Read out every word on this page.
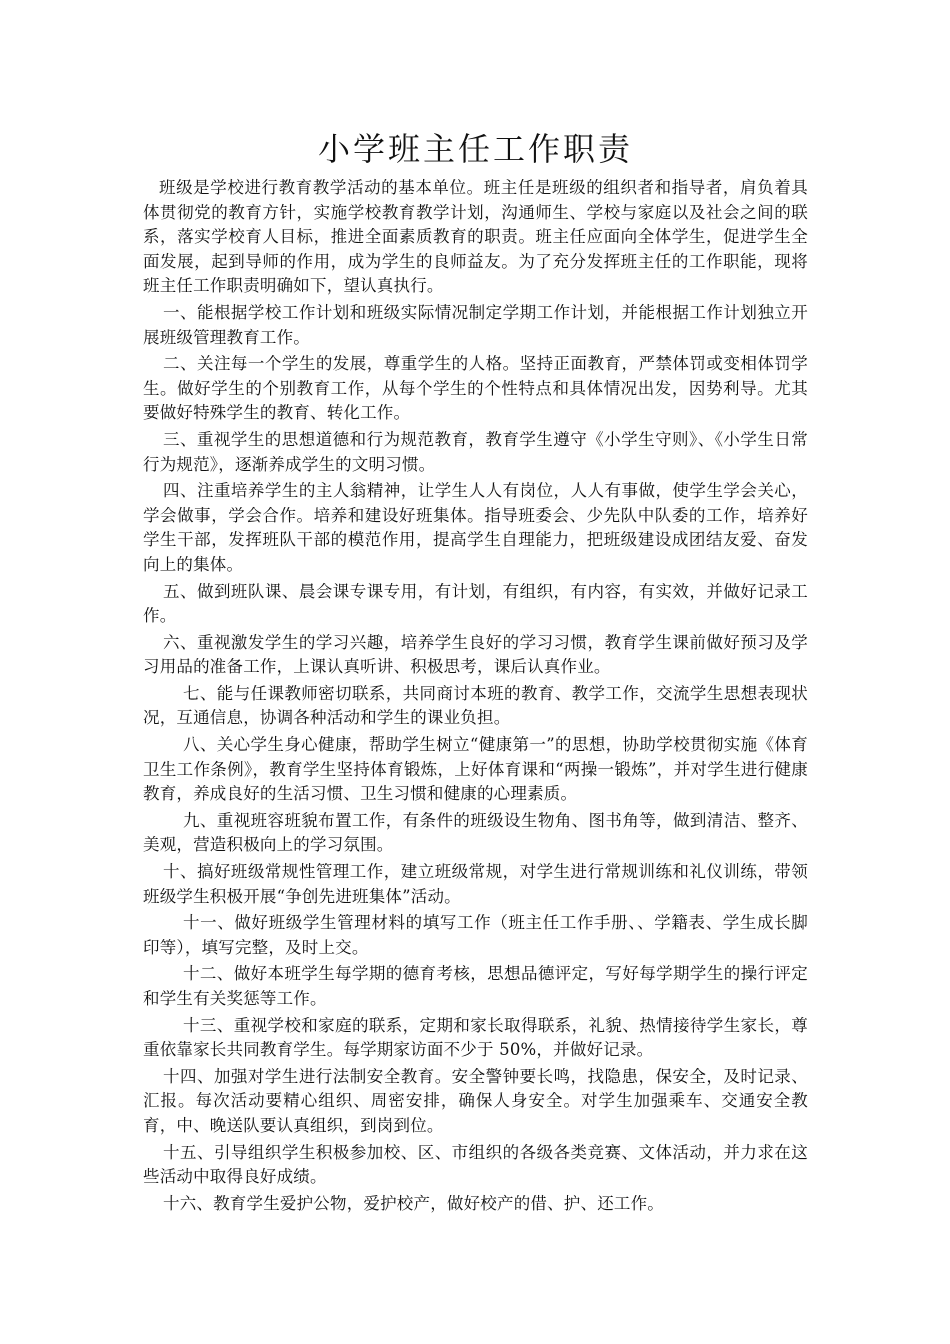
小学班主任工作职责

班级是学校进行教育教学活动的基本单位。班主任是班级的组织者和指导者，肩负着具体贯彻党的教育方针，实施学校教育教学计划，沟通师生、学校与家庭以及社会之间的联系，落实学校育人目标，推进全面素质教育的职责。班主任应面向全体学生，促进学生全面发展，起到导师的作用，成为学生的良师益友。为了充分发挥班主任的工作职能，现将班主任工作职责明确如下，望认真执行。

一、能根据学校工作计划和班级实际情况制定学期工作计划，并能根据工作计划独立开展班级管理教育工作。

二、关注每一个学生的发展，尊重学生的人格。坚持正面教育，严禁体罚或变相体罚学生。做好学生的个别教育工作，从每个学生的个性特点和具体情况出发，因势利导。尤其要做好特殊学生的教育、转化工作。

三、重视学生的思想道德和行为规范教育，教育学生遵守《小学生守则》、《小学生日常行为规范》，逐渐养成学生的文明习惯。

四、注重培养学生的主人翁精神，让学生人人有岗位，人人有事做，使学生学会关心，学会做事，学会合作。培养和建设好班集体。指导班委会、少先队中队委的工作，培养好学生干部，发挥班队干部的模范作用，提高学生自理能力，把班级建设成团结友爱、奋发向上的集体。

五、做到班队课、晨会课专课专用，有计划，有组织，有内容，有实效，并做好记录工作。

六、重视激发学生的学习兴趣，培养学生良好的学习习惯，教育学生课前做好预习及学习用品的准备工作，上课认真听讲、积极思考，课后认真作业。

七、能与任课教师密切联系，共同商讨本班的教育、教学工作，交流学生思想表现状况，互通信息，协调各种活动和学生的课业负担。

八、关心学生身心健康，帮助学生树立“健康第一”的思想，协助学校贯彻实施《体育卫生工作条例》，教育学生坚持体育锻炼，上好体育课和“两操一锻炼”，并对学生进行健康教育，养成良好的生活习惯、卫生习惯和健康的心理素质。

九、重视班容班貌布置工作，有条件的班级设生物角、图书角等，做到清洁、整齐、美观，营造积极向上的学习氛围。

十、搞好班级常规性管理工作，建立班级常规，对学生进行常规训练和礼仪训练，带领班级学生积极开展“争创先进班集体”活动。

十一、做好班级学生管理材料的填写工作（班主任工作手册、、学籍表、学生成长脚印等），填写完整，及时上交。

十二、做好本班学生每学期的德育考核，思想品德评定，写好每学期学生的操行评定和学生有关奖惩等工作。

十三、重视学校和家庭的联系，定期和家长取得联系，礼貌、热情接待学生家长，尊重依靠家长共同教育学生。每学期家访面不少于 50%，并做好记录。

十四、加强对学生进行法制安全教育。安全警钟要长鸣，找隐患，保安全，及时记录、汇报。每次活动要精心组织、周密安排，确保人身安全。对学生加强乘车、交通安全教育，中、晚送队要认真组织，到岗到位。

十五、引导组织学生积极参加校、区、市组织的各级各类竞赛、文体活动，并力求在这些活动中取得良好成绩。

十六、教育学生爱护公物，爱护校产，做好校产的借、护、还工作。
